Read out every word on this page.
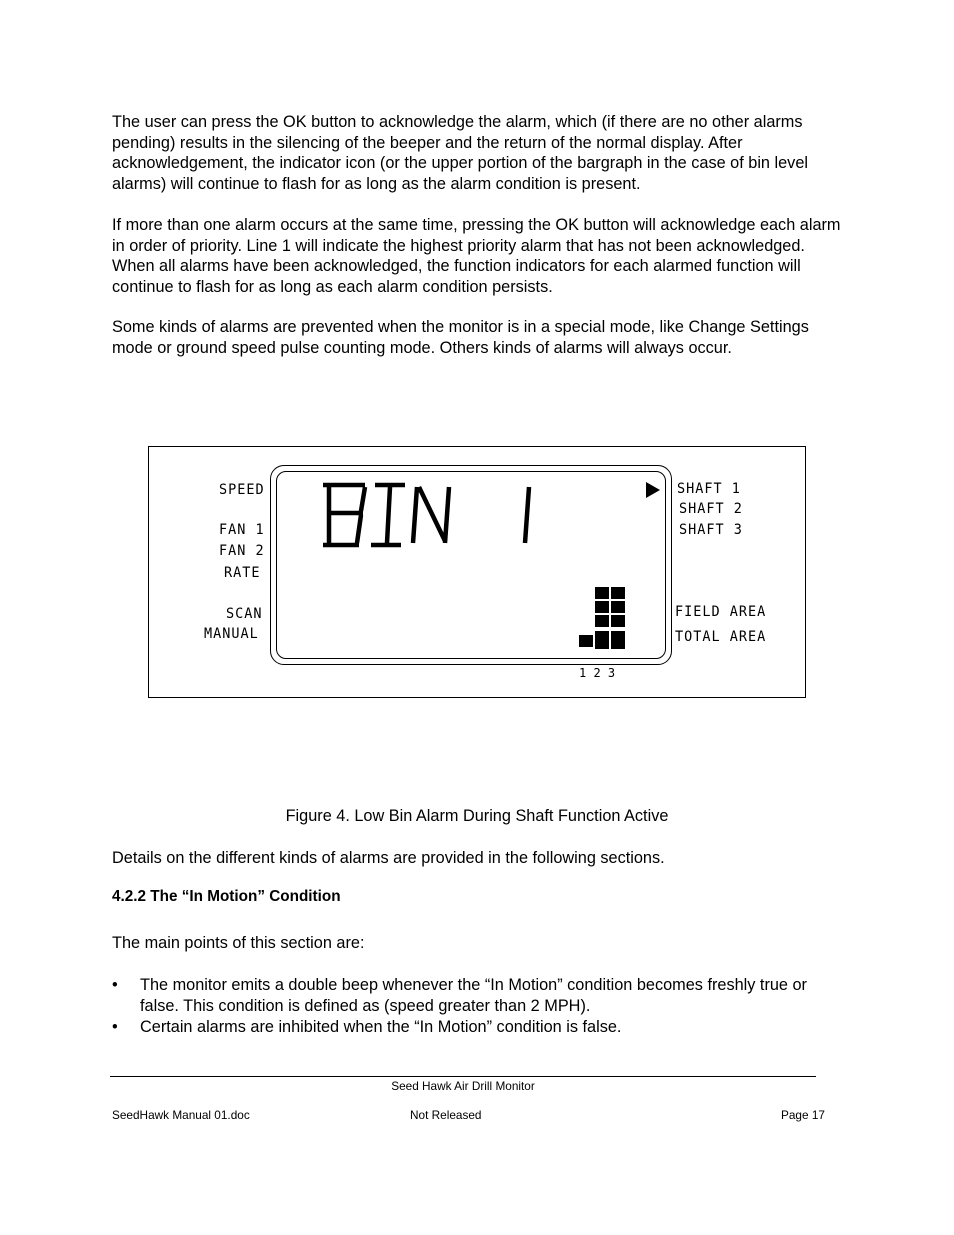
The user can press the OK button to acknowledge the alarm, which (if there are no other alarms pending) results in the silencing of the beeper and the return of the normal display. After acknowledgement, the indicator icon (or the upper portion of the bargraph in the case of bin level alarms) will continue to flash for as long as the alarm condition is present.

If more than one alarm occurs at the same time, pressing the OK button will acknowledge each alarm in order of priority. Line 1 will indicate the highest priority alarm that has not been acknowledged. When all alarms have been acknowledged, the function indicators for each alarmed function will continue to flash for as long as each alarm condition persists.

Some kinds of alarms are prevented when the monitor is in a special mode, like Change Settings mode or ground speed pulse counting mode. Others kinds of alarms will always occur.

SPEED
FAN 1
FAN 2
RATE
SCAN
MANUAL
BIN 1	SHAFT 1
SHAFT 2
SHAFT 3
FIELD AREA
TOTAL AREA
1 2 3

Figure 4. Low Bin Alarm During Shaft Function Active

Details on the different kinds of alarms are provided in the following sections.

4.2.2 The “In Motion” Condition

The main points of this section are:

• The monitor emits a double beep whenever the “In Motion” condition becomes freshly true or false. This condition is defined as (speed greater than 2 MPH).
• Certain alarms are inhibited when the “In Motion” condition is false.

Seed Hawk Air Drill Monitor

SeedHawk Manual 01.doc	Not Released	Page 17
